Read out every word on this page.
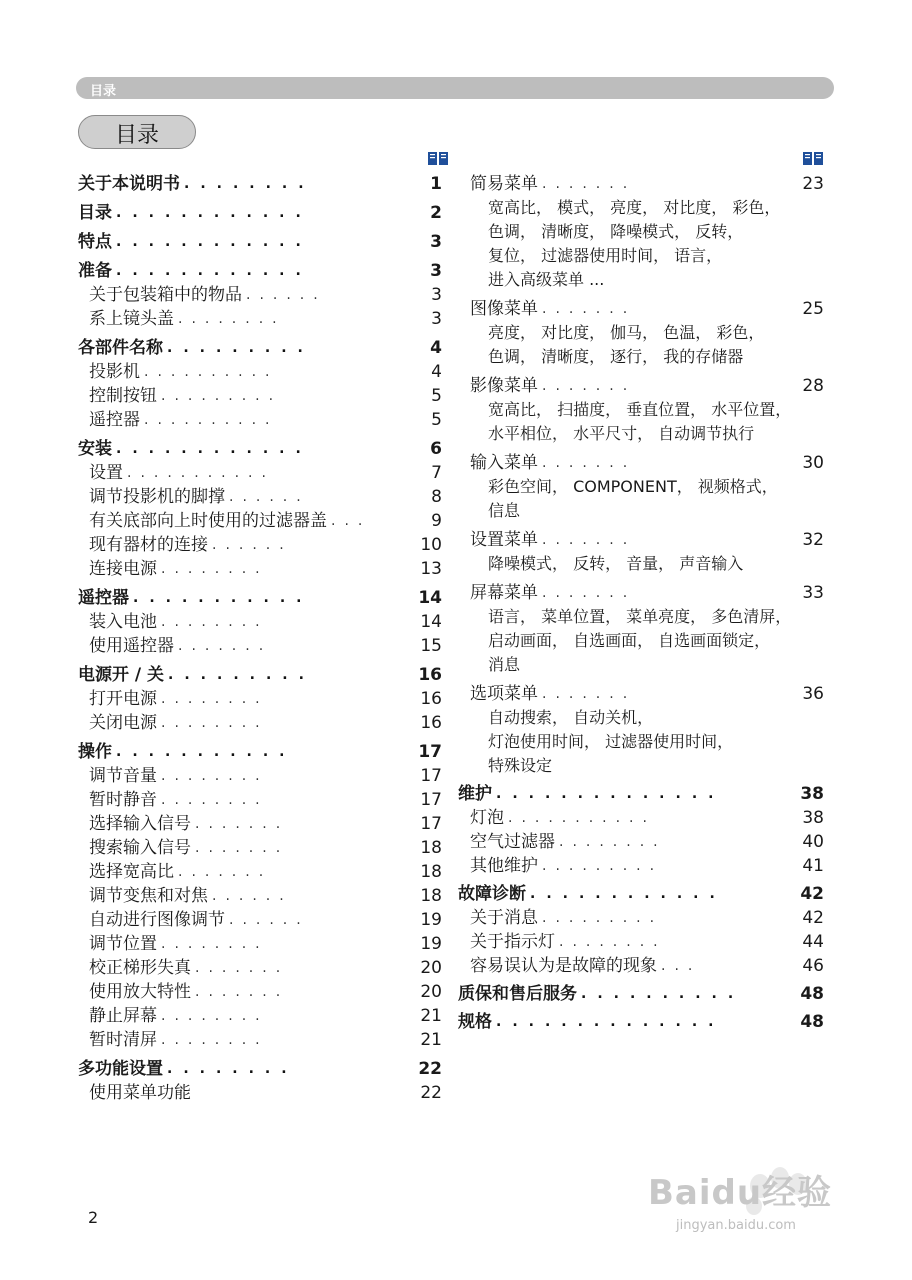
目录
目录
关于本说明书 ........	1
目录 ............	2
特点 ............	3
准备 ............	3
关于包装箱中的物品 ......	3
系上镜头盖 ........	3
各部件名称 .........	4
投影机 ..........	4
控制按钮 .........	5
遥控器 ..........	5
安装 ............	6
设置 ...........	7
调节投影机的脚撑 ......	8
有关底部向上时使用的过滤器盖 ...	9
现有器材的连接 ......	10
连接电源 ........	13
遥控器 ...........	14
装入电池 ........	14
使用遥控器 .......	15
电源开 / 关 .........	16
打开电源 ........	16
关闭电源 ........	16
操作 ...........	17
调节音量 ........	17
暂时静音 ........	17
选择输入信号 .......	17
搜索输入信号 .......	18
选择宽高比 .......	18
调节变焦和对焦 ......	18
自动进行图像调节 ......	19
调节位置 ........	19
校正梯形失真 .......	20
使用放大特性 .......	20
静止屏幕 ........	21
暂时清屏 ........	21
多功能设置 ........	22
使用菜单功能	22
简易菜单 .......	23
宽高比， 模式， 亮度， 对比度， 彩色，
色调， 清晰度， 降噪模式， 反转，
复位， 过滤器使用时间， 语言，
进入高级菜单 ...
图像菜单 .......	25
亮度， 对比度， 伽马， 色温， 彩色，
色调， 清晰度， 逐行， 我的存储器
影像菜单 .......	28
宽高比， 扫描度， 垂直位置， 水平位置，
水平相位， 水平尺寸， 自动调节执行
输入菜单 .......	30
彩色空间， COMPONENT， 视频格式，
信息
设置菜单 .......	32
降噪模式， 反转， 音量， 声音输入
屏幕菜单 .......	33
语言， 菜单位置， 菜单亮度， 多色清屏，
启动画面， 自选画面， 自选画面锁定，
消息
选项菜单 .......	36
自动搜索， 自动关机，
灯泡使用时间， 过滤器使用时间，
特殊设定
维护 ..............	38
灯泡 ...........	38
空气过滤器 ........	40
其他维护 .........	41
故障诊断 ............	42
关于消息 .........	42
关于指示灯 ........	44
容易误认为是故障的现象 ...	46
质保和售后服务 ..........	48
规格 ..............	48
2
Baidu经验
jingyan.baidu.com
